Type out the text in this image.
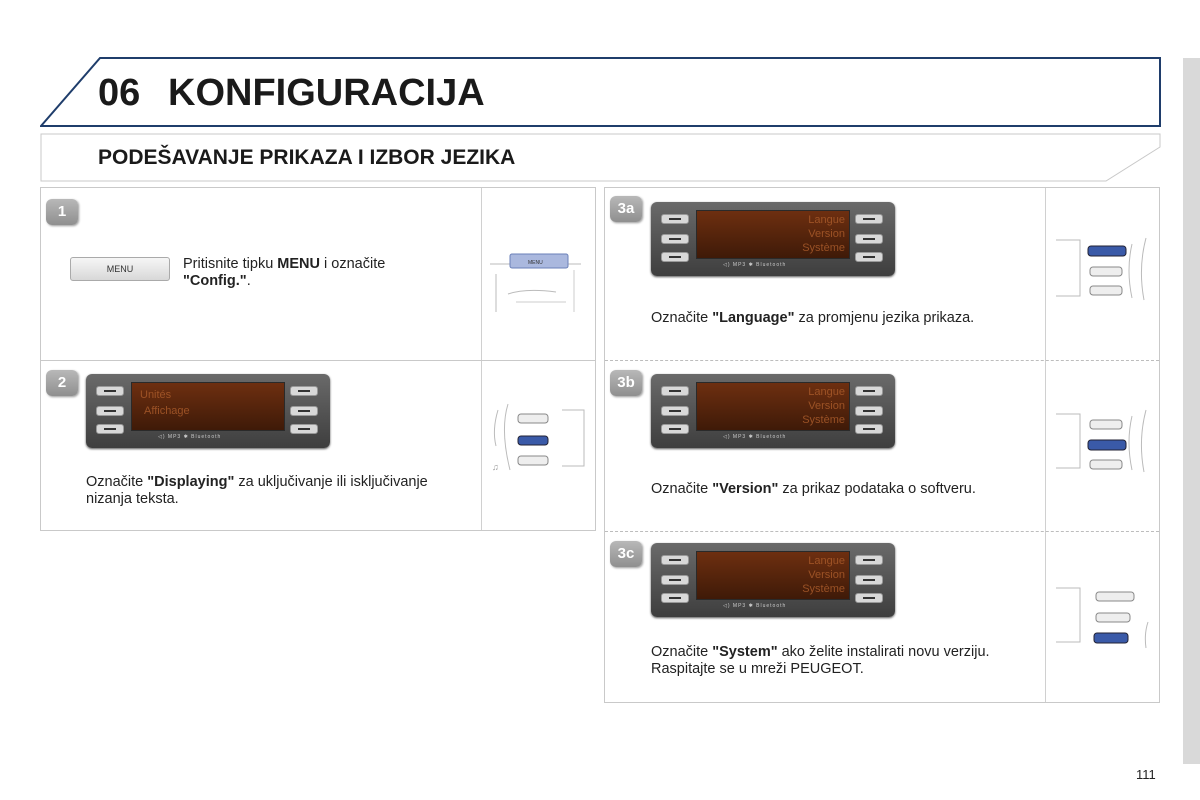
06 KONFIGURACIJA
PODEŠAVANJE PRIKAZA I IZBOR JEZIKA
1
MENU	Pritisnite tipku MENU i označite
"Config.".
MENU
2
Unités
Affichage
◁) MP3 ✱ Bluetooth
Označite "Displaying" za uključivanje ili isključivanje
nizanja teksta.
♫
3a
Langue
Version
Système
◁) MP3 ✱ Bluetooth
Označite "Language" za promjenu jezika prikaza.
3b
Langue
Version
Système
◁) MP3 ✱ Bluetooth
Označite "Version" za prikaz podataka o softveru.
3c	Langue
Version
Système
◁) MP3 ✱ Bluetooth
Označite "System" ako želite instalirati novu verziju.
Raspitajte se u mreži PEUGEOT.
111
